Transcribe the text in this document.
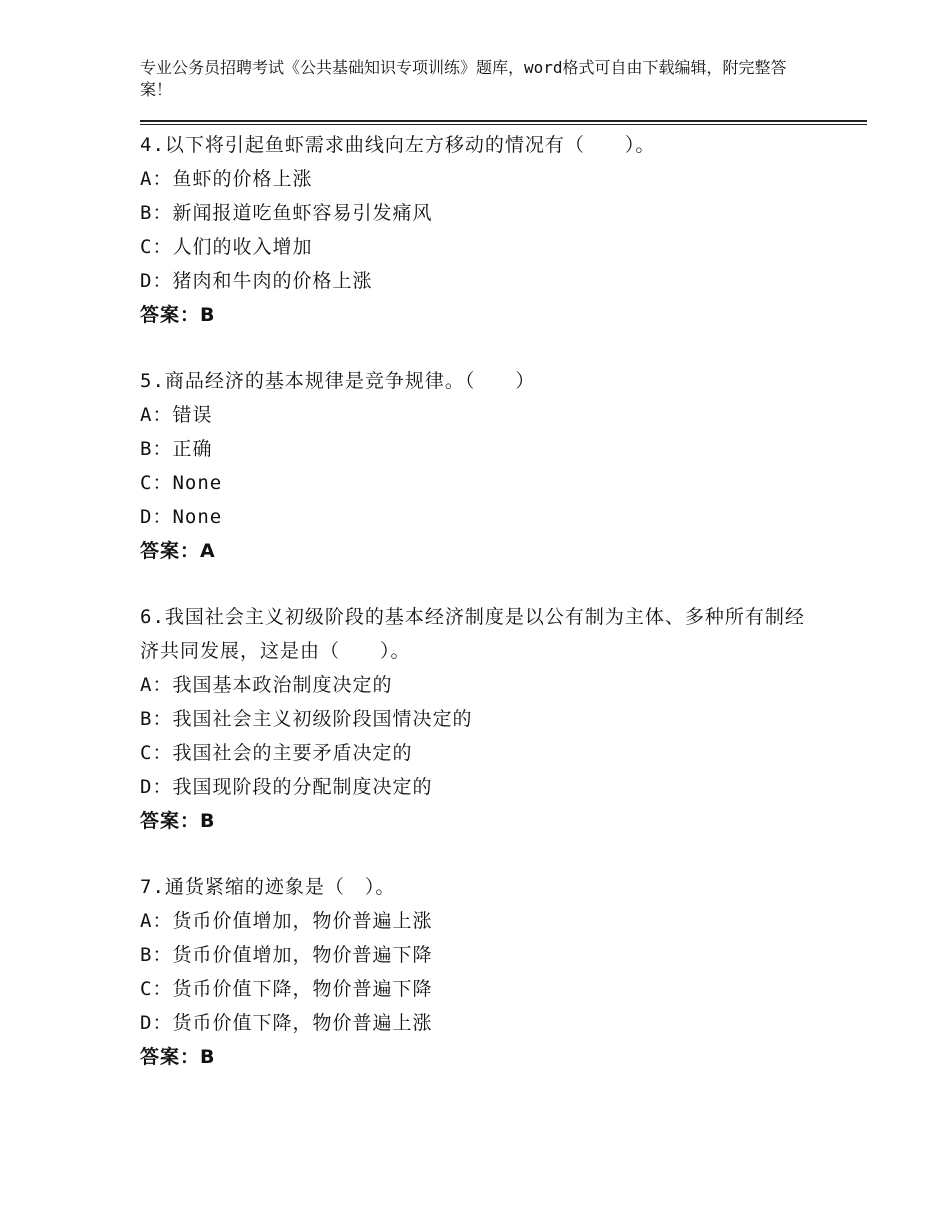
专业公务员招聘考试《公共基础知识专项训练》题库，word格式可自由下载编辑，附完整答案！

4.以下将引起鱼虾需求曲线向左方移动的情况有（　　）。

A：鱼虾的价格上涨

B：新闻报道吃鱼虾容易引发痛风

C：人们的收入增加

D：猪肉和牛肉的价格上涨

答案：B

5.商品经济的基本规律是竞争规律。（　　）

A：错误

B：正确

C：None

D：None

答案：A

6.我国社会主义初级阶段的基本经济制度是以公有制为主体、多种所有制经济共同发展，这是由（　　）。

A：我国基本政治制度决定的

B：我国社会主义初级阶段国情决定的

C：我国社会的主要矛盾决定的

D：我国现阶段的分配制度决定的

答案：B

7.通货紧缩的迹象是（　）。

A：货币价值增加，物价普遍上涨

B：货币价值增加，物价普遍下降

C：货币价值下降，物价普遍下降

D：货币价值下降，物价普遍上涨

答案：B
